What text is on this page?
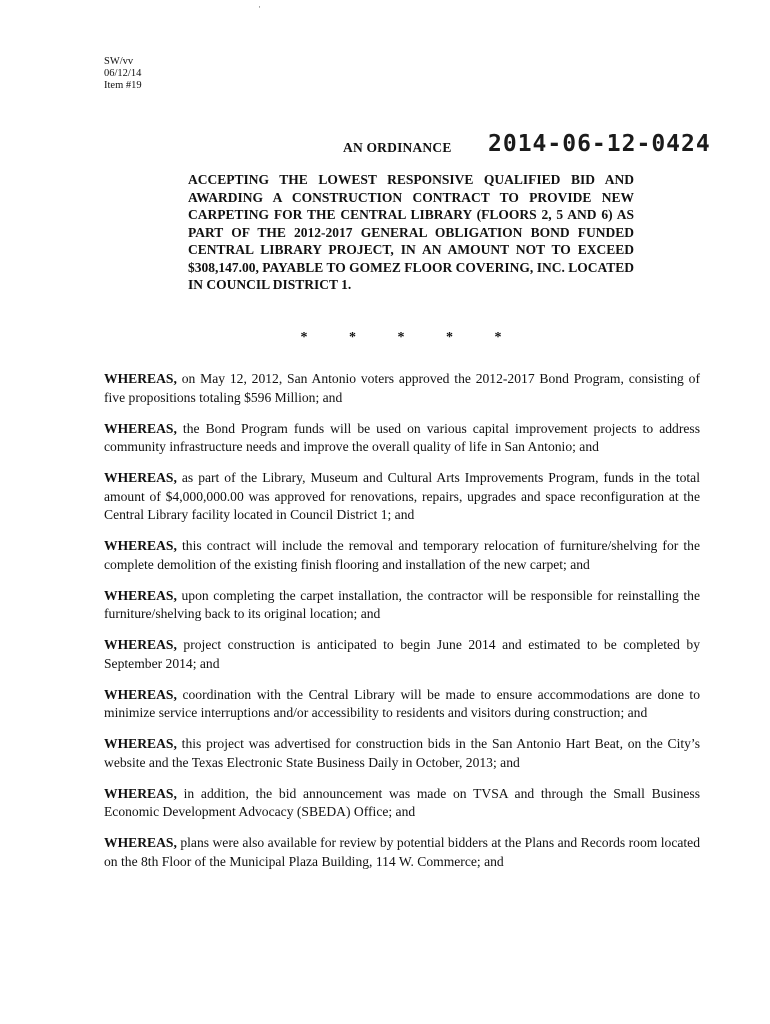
·
SW/vv
06/12/14
Item #19
AN ORDINANCE 2014-06-12-0424
ACCEPTING THE LOWEST RESPONSIVE QUALIFIED BID AND AWARDING A CONSTRUCTION CONTRACT TO PROVIDE NEW CARPETING FOR THE CENTRAL LIBRARY (FLOORS 2, 5 AND 6) AS PART OF THE 2012-2017 GENERAL OBLIGATION BOND FUNDED CENTRAL LIBRARY PROJECT, IN AN AMOUNT NOT TO EXCEED $308,147.00, PAYABLE TO GOMEZ FLOOR COVERING, INC. LOCATED IN COUNCIL DISTRICT 1.
*	*	*	*	*

WHEREAS, on May 12, 2012, San Antonio voters approved the 2012-2017 Bond Program, consisting of five propositions totaling $596 Million; and

WHEREAS, the Bond Program funds will be used on various capital improvement projects to address community infrastructure needs and improve the overall quality of life in San Antonio; and

WHEREAS, as part of the Library, Museum and Cultural Arts Improvements Program, funds in the total amount of $4,000,000.00 was approved for renovations, repairs, upgrades and space reconfiguration at the Central Library facility located in Council District 1; and

WHEREAS, this contract will include the removal and temporary relocation of furniture/shelving for the complete demolition of the existing finish flooring and installation of the new carpet; and

WHEREAS, upon completing the carpet installation, the contractor will be responsible for reinstalling the furniture/shelving back to its original location; and

WHEREAS, project construction is anticipated to begin June 2014 and estimated to be completed by September 2014; and

WHEREAS, coordination with the Central Library will be made to ensure accommodations are done to minimize service interruptions and/or accessibility to residents and visitors during construction; and

WHEREAS, this project was advertised for construction bids in the San Antonio Hart Beat, on the City’s website and the Texas Electronic State Business Daily in October, 2013; and

WHEREAS, in addition, the bid announcement was made on TVSA and through the Small Business Economic Development Advocacy (SBEDA) Office; and

WHEREAS, plans were also available for review by potential bidders at the Plans and Records room located on the 8th Floor of the Municipal Plaza Building, 114 W. Commerce; and
